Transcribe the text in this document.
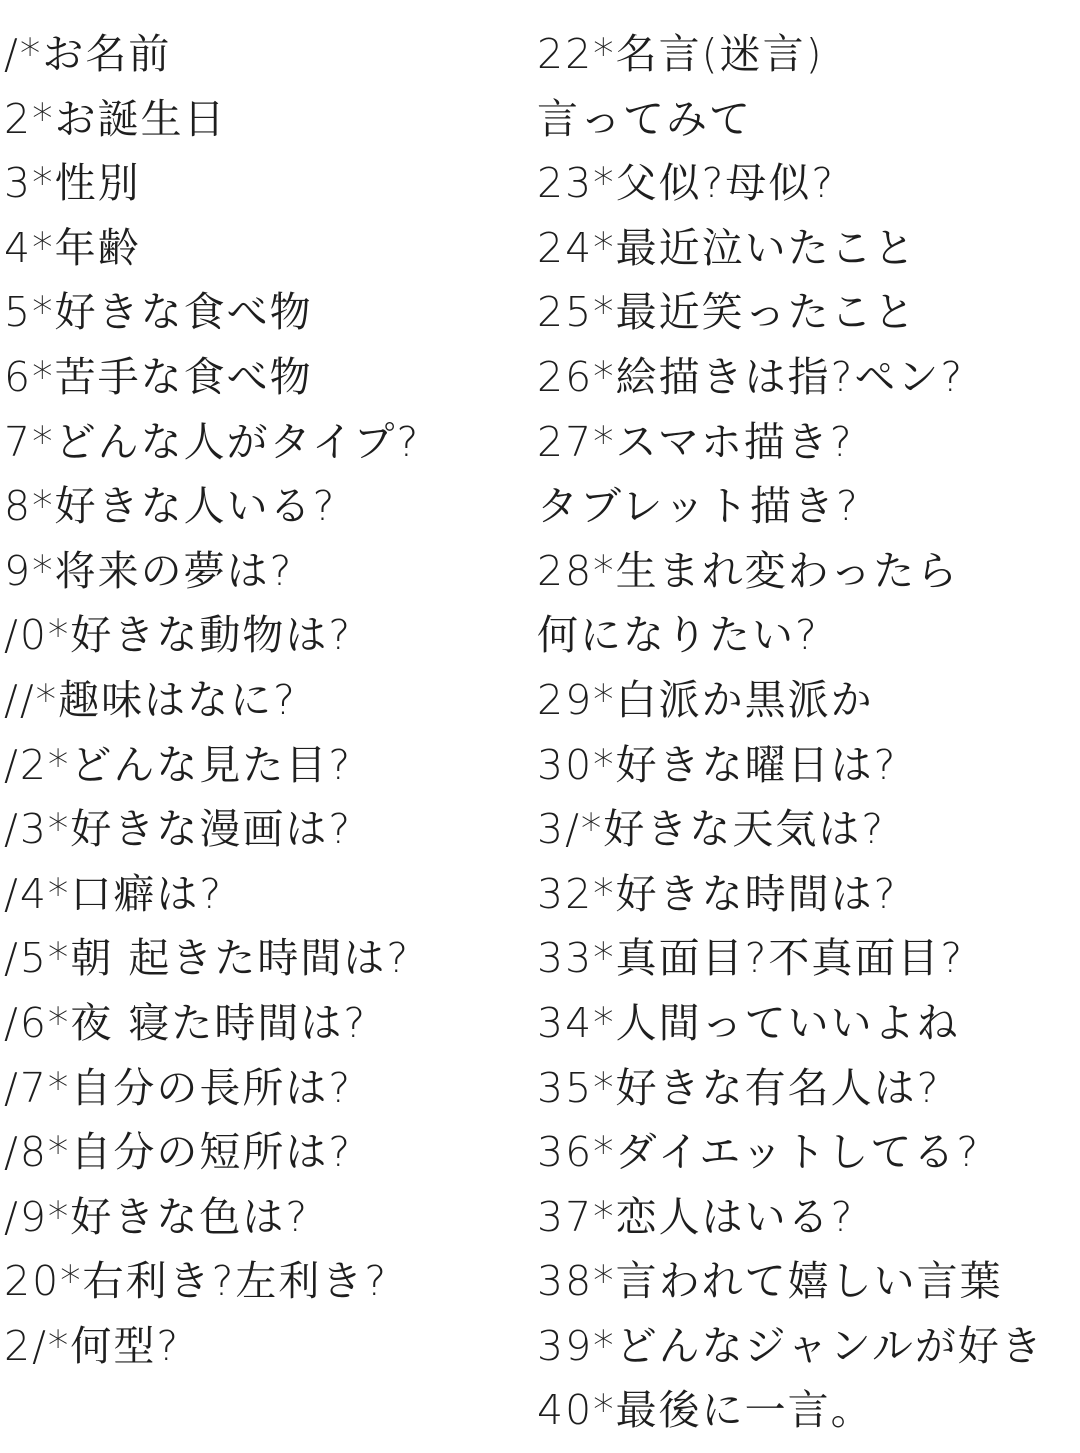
/*お名前
2*お誕生日
3*性別
4*年齢
5*好きな食べ物
6*苦手な食べ物
7*どんな人がタイプ?
8*好きな人いる?
9*将来の夢は?
/0*好きな動物は?
//*趣味はなに?
/2*どんな見た目?
/3*好きな漫画は?
/4*口癖は?
/5*朝 起きた時間は?
/6*夜 寝た時間は?
/7*自分の長所は?
/8*自分の短所は?
/9*好きな色は?
20*右利き?左利き?
2/*何型?
22*名言(迷言)
言ってみて
23*父似?母似?
24*最近泣いたこと
25*最近笑ったこと
26*絵描きは指?ペン?
27*スマホ描き?
タブレット描き?
28*生まれ変わったら
何になりたい?
29*白派か黒派か
30*好きな曜日は?
3/*好きな天気は?
32*好きな時間は?
33*真面目?不真面目?
34*人間っていいよね
35*好きな有名人は?
36*ダイエットしてる?
37*恋人はいる?
38*言われて嬉しい言葉
39*どんなジャンルが好き
40*最後に一言。
